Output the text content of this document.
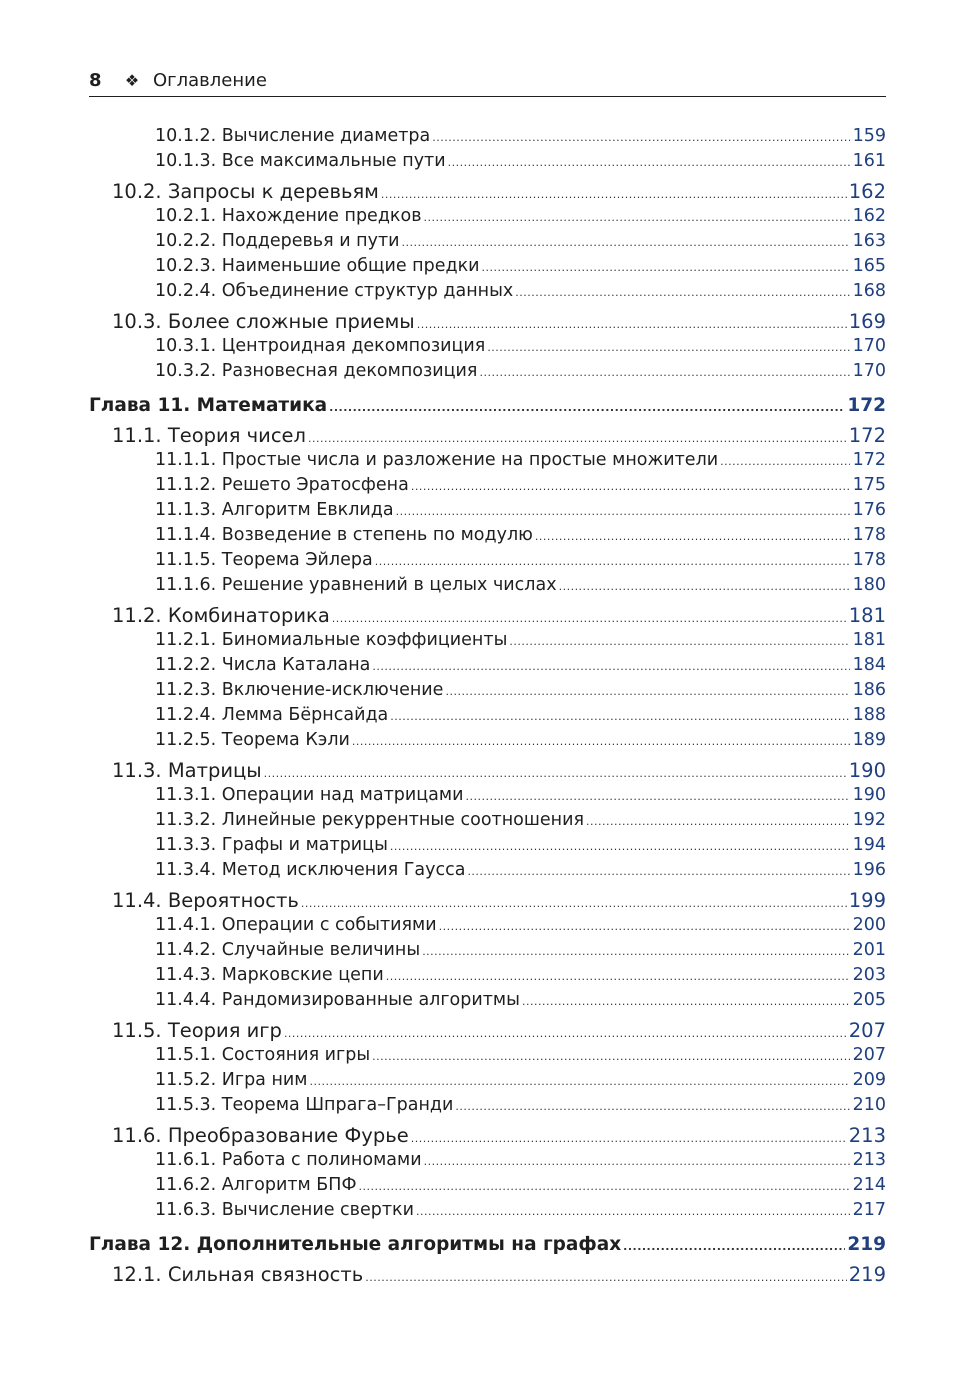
8	❖ Оглавление
10.1.2. Вычисление диаметра .....	159
10.1.3. Все максимальные пути .....	161
10.2. Запросы к деревьям .....	162
10.2.1. Нахождение предков .....	162
10.2.2. Поддеревья и пути .....	163
10.2.3. Наименьшие общие предки .....	165
10.2.4. Объединение структур данных .....	168
10.3. Более сложные приемы .....	169
10.3.1. Центроидная декомпозиция .....	170
10.3.2. Разновесная декомпозиция .....	170
Глава 11. Математика .....	172
11.1. Теория чисел .....	172
11.1.1. Простые числа и разложение на простые множители .....	172
11.1.2. Решето Эратосфена .....	175
11.1.3. Алгоритм Евклида .....	176
11.1.4. Возведение в степень по модулю .....	178
11.1.5. Теорема Эйлера .....	178
11.1.6. Решение уравнений в целых числах .....	180
11.2. Комбинаторика .....	181
11.2.1. Биномиальные коэффициенты .....	181
11.2.2. Числа Каталана .....	184
11.2.3. Включение-исключение .....	186
11.2.4. Лемма Бёрнсайда .....	188
11.2.5. Теорема Кэли .....	189
11.3. Матрицы .....	190
11.3.1. Операции над матрицами .....	190
11.3.2. Линейные рекуррентные соотношения .....	192
11.3.3. Графы и матрицы .....	194
11.3.4. Метод исключения Гаусса .....	196
11.4. Вероятность .....	199
11.4.1. Операции с событиями .....	200
11.4.2. Случайные величины .....	201
11.4.3. Марковские цепи .....	203
11.4.4. Рандомизированные алгоритмы .....	205
11.5. Теория игр .....	207
11.5.1. Состояния игры .....	207
11.5.2. Игра ним .....	209
11.5.3. Теорема Шпрага–Гранди .....	210
11.6. Преобразование Фурье .....	213
11.6.1. Работа с полиномами .....	213
11.6.2. Алгоритм БПФ .....	214
11.6.3. Вычисление свертки .....	217
Глава 12. Дополнительные алгоритмы на графах .....	219
12.1. Сильная связность .....	219
